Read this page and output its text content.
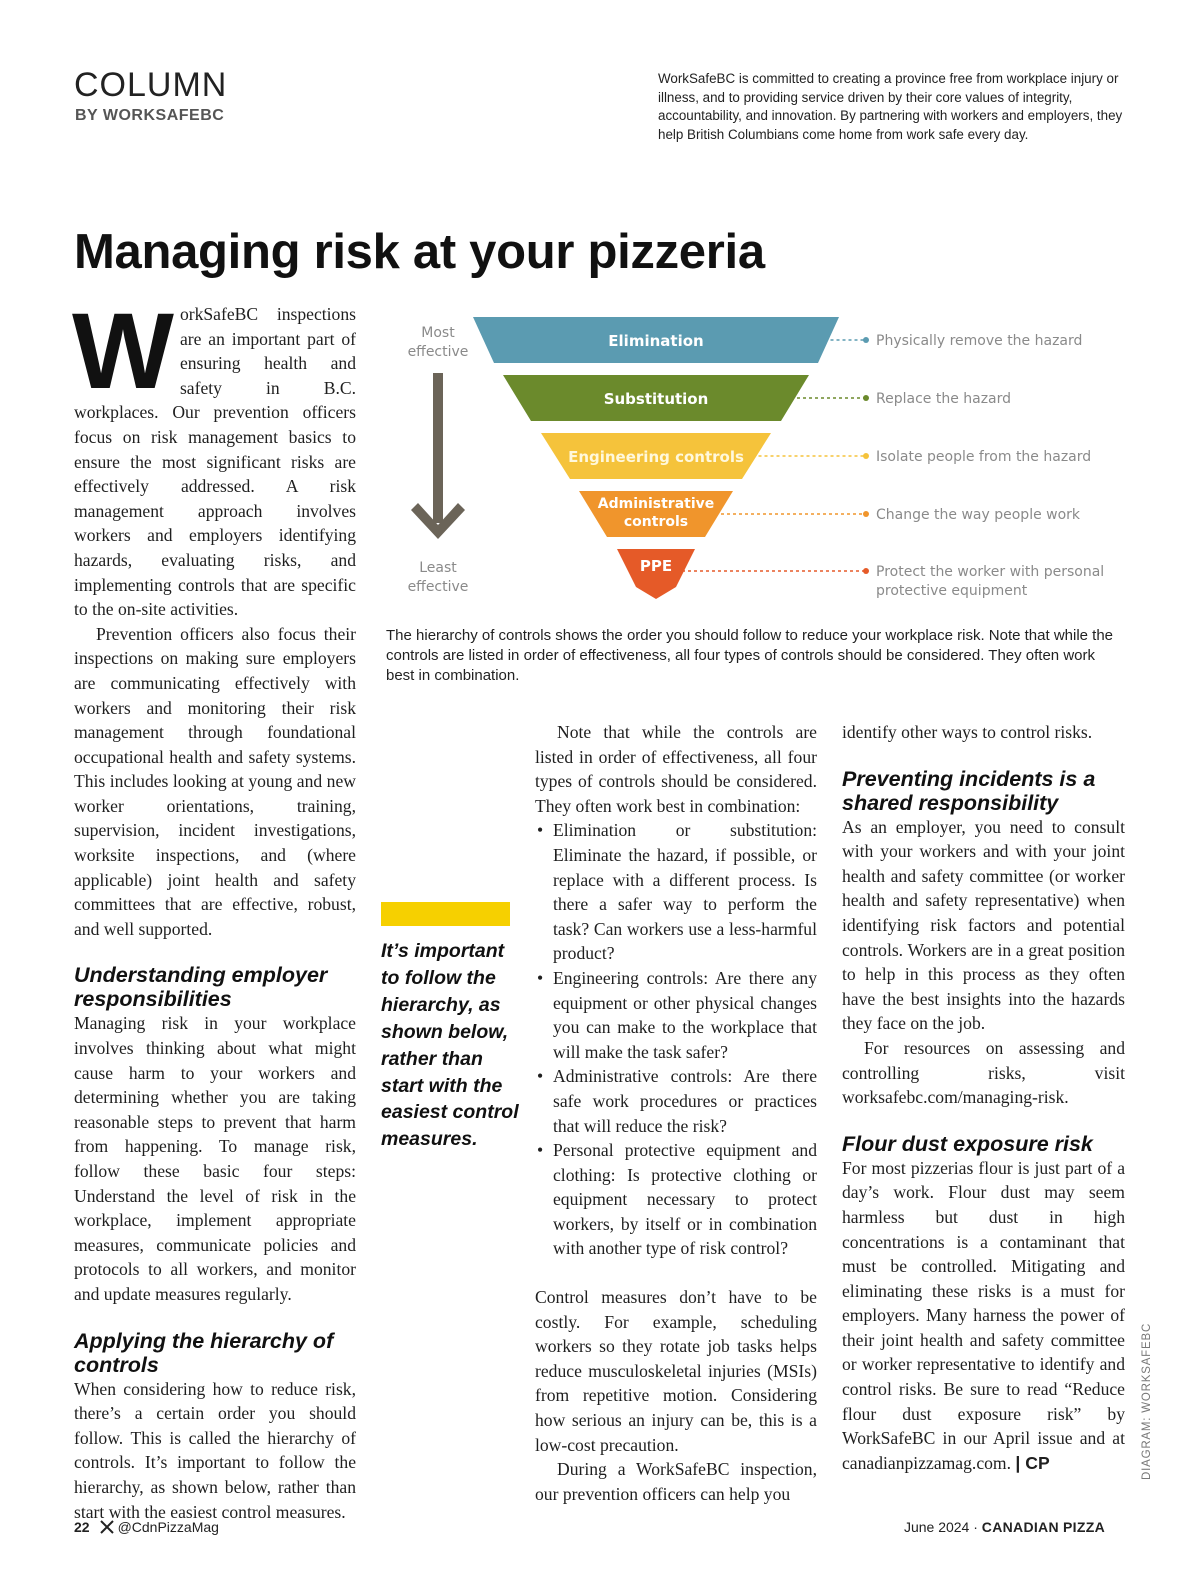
COLUMN
BY WORKSAFEBC
WorkSafeBC is committed to creating a province free from workplace injury or illness, and to providing service driven by their core values of integrity, accountability, and innovation. By partnering with workers and employers, they help British Columbians come home from work safe every day.
Managing risk at your pizzeria

WorkSafeBC inspections are an important part of ensuring health and safety in B.C. workplaces. Our prevention officers focus on risk management basics to ensure the most significant risks are effectively addressed. A risk management approach involves workers and employers identifying hazards, evaluating risks, and implementing controls that are specific to the on-site activities.

Prevention officers also focus their inspections on making sure employers are communicating effectively with workers and monitoring their risk management through foundational occupational health and safety systems. This includes looking at young and new worker orientations, training, supervision, incident investigations, worksite inspections, and (where applicable) joint health and safety committees that are effective, robust, and well supported.

Understanding employer responsibilities

Managing risk in your workplace involves thinking about what might cause harm to your workers and determining whether you are taking reasonable steps to prevent that harm from happening. To manage risk, follow these basic four steps: Understand the level of risk in the workplace, implement appropriate measures, communicate policies and protocols to all workers, and monitor and update measures regularly.

Applying the hierarchy of controls

When considering how to reduce risk, there’s a certain order you should follow. This is called the hierarchy of controls. It’s important to follow the hierarchy, as shown below, rather than start with the easiest control measures.

Most
effective
Least
effective
Elimination	Physically remove the hazard
Substitution	Replace the hazard
Engineering controls	Isolate people from the hazard
Administrative
controls	Change the way people work
PPE	Protect the worker with personal
protective equipment
The hierarchy of controls shows the order you should follow to reduce your workplace risk. Note that while the controls are listed in order of effectiveness, all four types of controls should be considered. They often work best in combination.
It’s important to follow the hierarchy, as shown below, rather than start with the easiest control measures.

Note that while the controls are listed in order of effectiveness, all four types of controls should be considered. They often work best in combination:

• Elimination or substitution: Eliminate the hazard, if possible, or replace with a different process. Is there a safer way to perform the task? Can workers use a less-harmful product?
• Engineering controls: Are there any equipment or other physical changes you can make to the workplace that will make the task safer?
• Administrative controls: Are there safe work procedures or practices that will reduce the risk?
• Personal protective equipment and clothing: Is protective clothing or equipment necessary to protect workers, by itself or in combination with another type of risk control?

Control measures don’t have to be costly. For example, scheduling workers so they rotate job tasks helps reduce musculoskeletal injuries (MSIs) from repetitive motion. Considering how serious an injury can be, this is a low-cost precaution.

During a WorkSafeBC inspection, our prevention officers can help you

identify other ways to control risks.

Preventing incidents is a shared responsibility

As an employer, you need to consult with your workers and with your joint health and safety committee (or worker health and safety representative) when identifying risk factors and potential controls. Workers are in a great position to help in this process as they often have the best insights into the hazards they face on the job.

For resources on assessing and controlling risks, visit worksafebc.com/managing-risk.

Flour dust exposure risk

For most pizzerias flour is just part of a day’s work. Flour dust may seem harmless but dust in high concentrations is a contaminant that must be controlled. Mitigating and eliminating these risks is a must for employers. Many harness the power of their joint health and safety committee or worker representative to identify and control risks. Be sure to read “Reduce flour dust exposure risk” by WorkSafeBC in our April issue and at canadianpizzamag.com. | CP	DIAGRAM: WORKSAFEBC
22 @CdnPizzaMag	June 2024 · CANADIAN PIZZA
